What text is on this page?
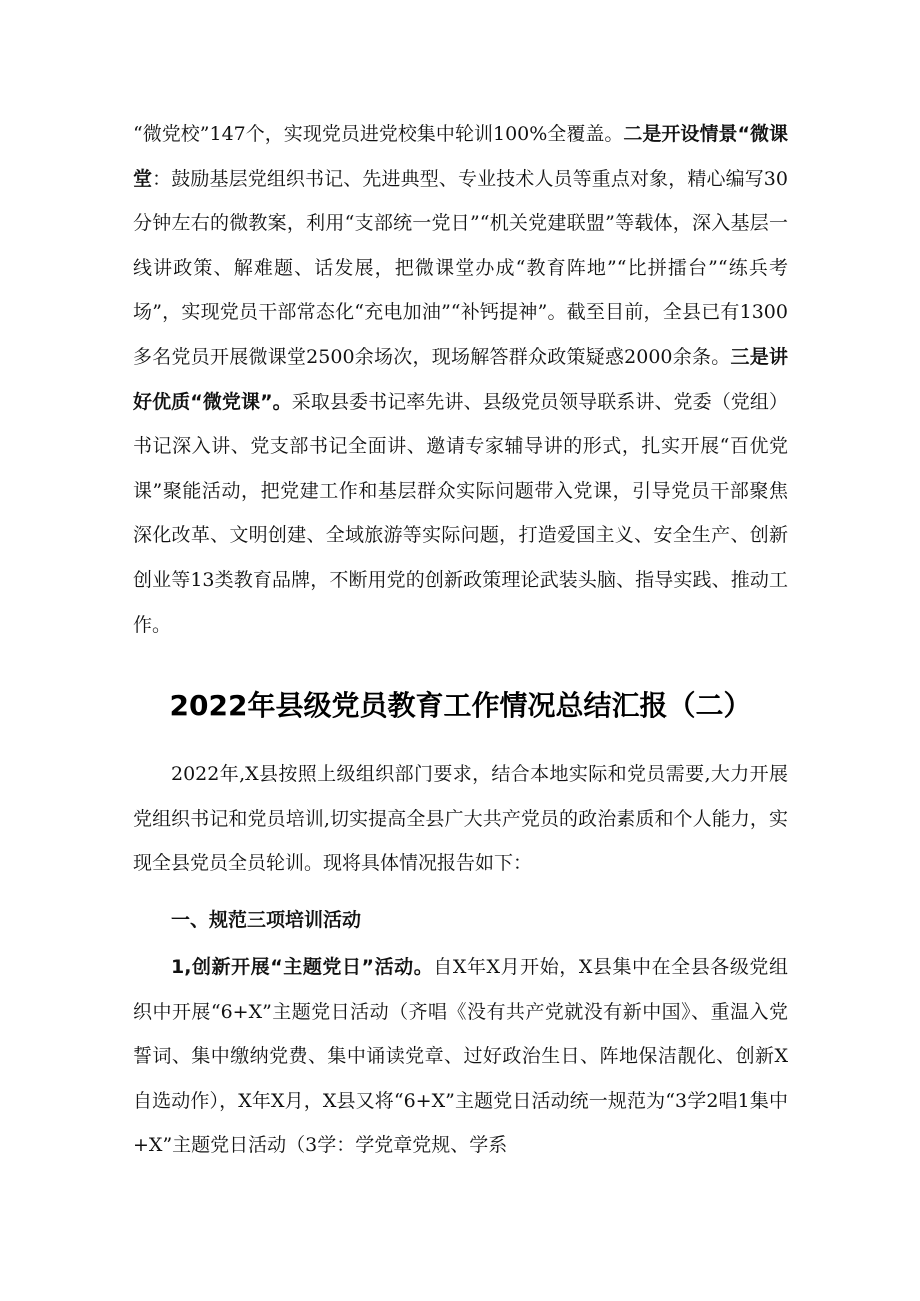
“微党校”147个，实现党员进党校集中轮训100%全覆盖。二是开设情景“微课堂：鼓励基层党组织书记、先进典型、专业技术人员等重点对象，精心编写30分钟左右的微教案，利用“支部统一党日”“机关党建联盟”等载体，深入基层一线讲政策、解难题、话发展，把微课堂办成“教育阵地”“比拼擂台”“练兵考场”，实现党员干部常态化“充电加油”“补钙提神”。截至目前，全县已有1300多名党员开展微课堂2500余场次，现场解答群众政策疑惑2000余条。三是讲好优质“微党课”。采取县委书记率先讲、县级党员领导联系讲、党委（党组）书记深入讲、党支部书记全面讲、邀请专家辅导讲的形式，扎实开展“百优党课”聚能活动，把党建工作和基层群众实际问题带入党课，引导党员干部聚焦深化改革、文明创建、全域旅游等实际问题，打造爱国主义、安全生产、创新创业等13类教育品牌，不断用党的创新政策理论武装头脑、指导实践、推动工作。

2022年县级党员教育工作情况总结汇报（二）

2022年,X县按照上级组织部门要求，结合本地实际和党员需要,大力开展党组织书记和党员培训,切实提高全县广大共产党员的政治素质和个人能力，实现全县党员全员轮训。现将具体情况报告如下：

一、规范三项培训活动

1,创新开展“主题党日”活动。自X年X月开始，X县集中在全县各级党组织中开展“6+X”主题党日活动（齐唱《没有共产党就没有新中国》、重温入党誓词、集中缴纳党费、集中诵读党章、过好政治生日、阵地保洁靓化、创新X自选动作），X年X月，X县又将“6+X”主题党日活动统一规范为“3学2唱1集中+X”主题党日活动（3学：学党章党规、学系
